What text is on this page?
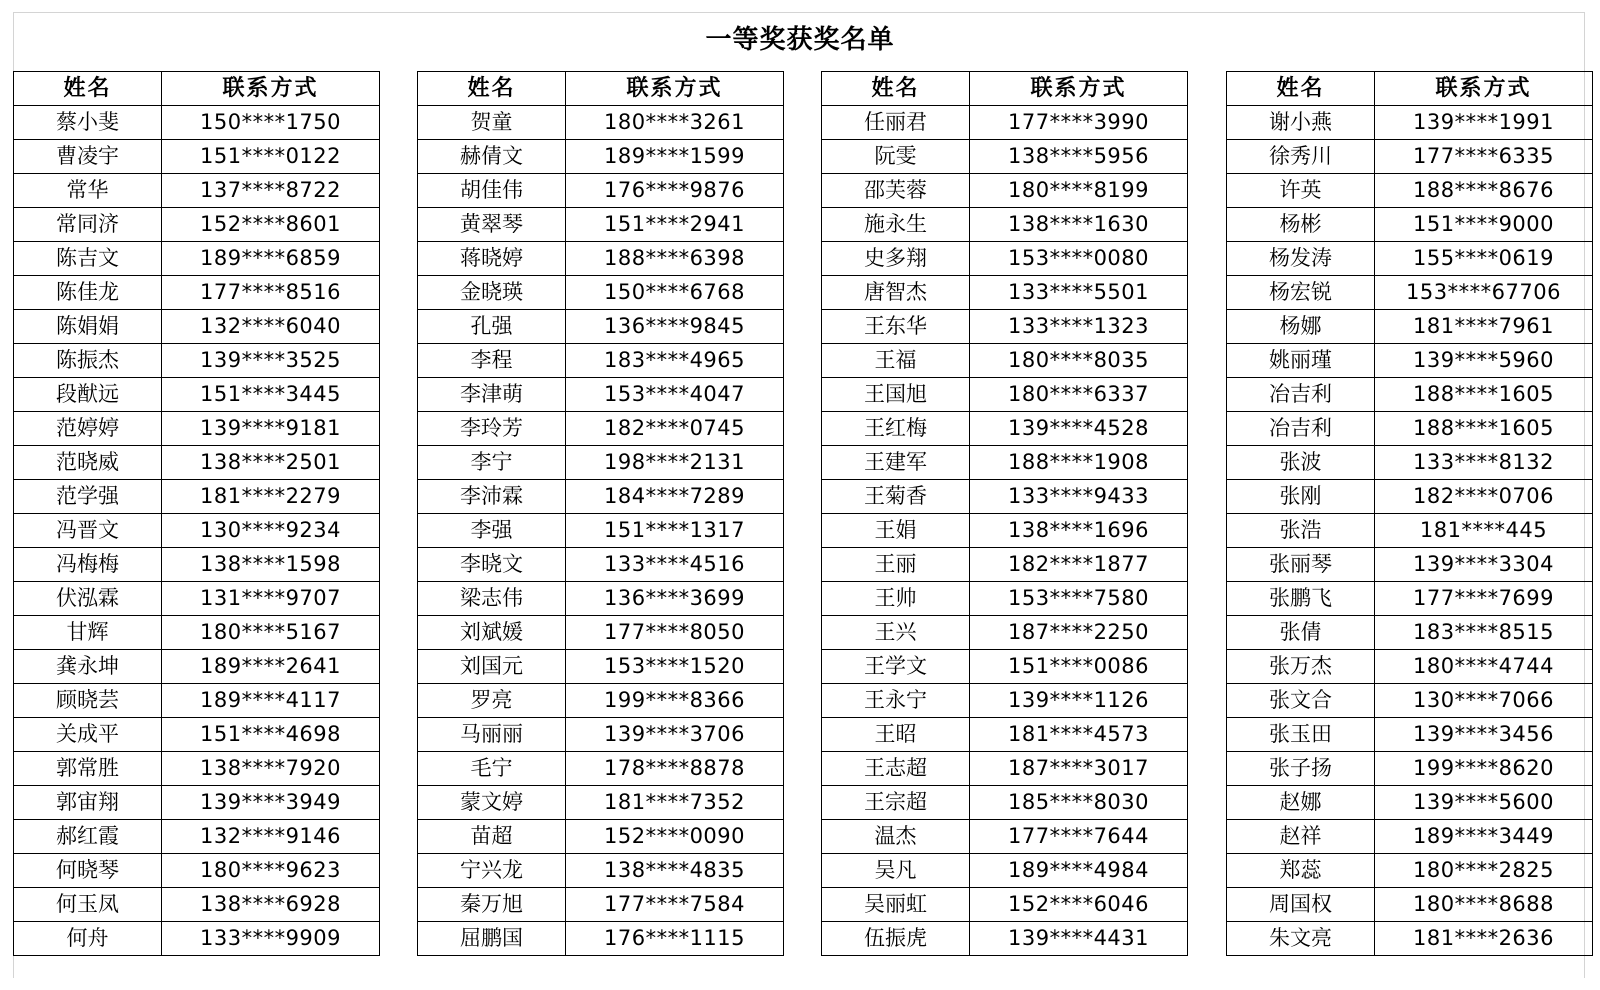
一等奖获奖名单
姓名	联系方式
蔡小斐	150****1750
曹凌宇	151****0122
常华	137****8722
常同济	152****8601
陈吉文	189****6859
陈佳龙	177****8516
陈娟娟	132****6040
陈振杰	139****3525
段猷远	151****3445
范婷婷	139****9181
范晓威	138****2501
范学强	181****2279
冯晋文	130****9234
冯梅梅	138****1598
伏泓霖	131****9707
甘辉	180****5167
龚永坤	189****2641
顾晓芸	189****4117
关成平	151****4698
郭常胜	138****7920
郭宙翔	139****3949
郝红霞	132****9146
何晓琴	180****9623
何玉凤	138****6928
何舟	133****9909
姓名	联系方式
贺童	180****3261
赫倩文	189****1599
胡佳伟	176****9876
黄翠琴	151****2941
蒋晓婷	188****6398
金晓瑛	150****6768
孔强	136****9845
李程	183****4965
李津萌	153****4047
李玲芳	182****0745
李宁	198****2131
李沛霖	184****7289
李强	151****1317
李晓文	133****4516
梁志伟	136****3699
刘斌媛	177****8050
刘国元	153****1520
罗亮	199****8366
马丽丽	139****3706
毛宁	178****8878
蒙文婷	181****7352
苗超	152****0090
宁兴龙	138****4835
秦万旭	177****7584
屈鹏国	176****1115
姓名	联系方式
任丽君	177****3990
阮雯	138****5956
邵芙蓉	180****8199
施永生	138****1630
史多翔	153****0080
唐智杰	133****5501
王东华	133****1323
王福	180****8035
王国旭	180****6337
王红梅	139****4528
王建军	188****1908
王菊香	133****9433
王娟	138****1696
王丽	182****1877
王帅	153****7580
王兴	187****2250
王学文	151****0086
王永宁	139****1126
王昭	181****4573
王志超	187****3017
王宗超	185****8030
温杰	177****7644
吴凡	189****4984
吴丽虹	152****6046
伍振虎	139****4431
姓名	联系方式
谢小燕	139****1991
徐秀川	177****6335
许英	188****8676
杨彬	151****9000
杨发涛	155****0619
杨宏锐	153****67706
杨娜	181****7961
姚丽瑾	139****5960
冶吉利	188****1605
冶吉利	188****1605
张波	133****8132
张刚	182****0706
张浩	181****445
张丽琴	139****3304
张鹏飞	177****7699
张倩	183****8515
张万杰	180****4744
张文合	130****7066
张玉田	139****3456
张子扬	199****8620
赵娜	139****5600
赵祥	189****3449
郑蕊	180****2825
周国权	180****8688
朱文亮	181****2636
